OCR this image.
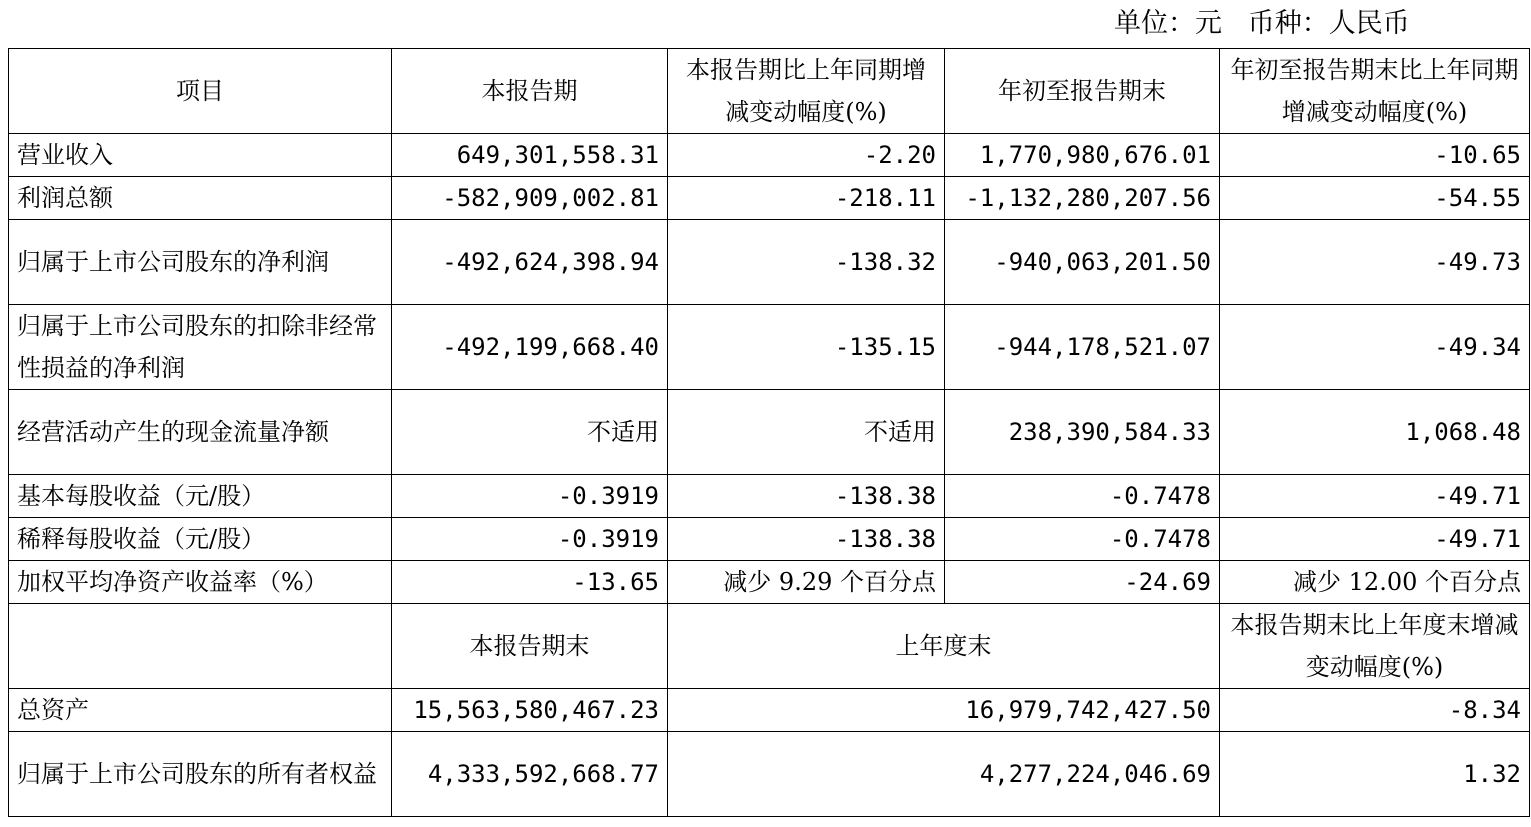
单位：元   币种：人民币
项目	本报告期	本报告期比上年同期增减变动幅度(%)	年初至报告期末	年初至报告期末比上年同期增减变动幅度(%)
营业收入	649,301,558.31	-2.20	1,770,980,676.01	-10.65
利润总额	-582,909,002.81	-218.11	-1,132,280,207.56	-54.55
归属于上市公司股东的净利润	-492,624,398.94	-138.32	-940,063,201.50	-49.73
归属于上市公司股东的扣除非经常性损益的净利润	-492,199,668.40	-135.15	-944,178,521.07	-49.34
经营活动产生的现金流量净额	不适用	不适用	238,390,584.33	1,068.48
基本每股收益（元/股）	-0.3919	-138.38	-0.7478	-49.71
稀释每股收益（元/股）	-0.3919	-138.38	-0.7478	-49.71
加权平均净资产收益率（%）	-13.65	减少 9.29 个百分点	-24.69	减少 12.00 个百分点
	本报告期末	上年度末		本报告期末比上年度末增减变动幅度(%)
总资产	15,563,580,467.23	16,979,742,427.50		-8.34
归属于上市公司股东的所有者权益	4,333,592,668.77	4,277,224,046.69		1.32
